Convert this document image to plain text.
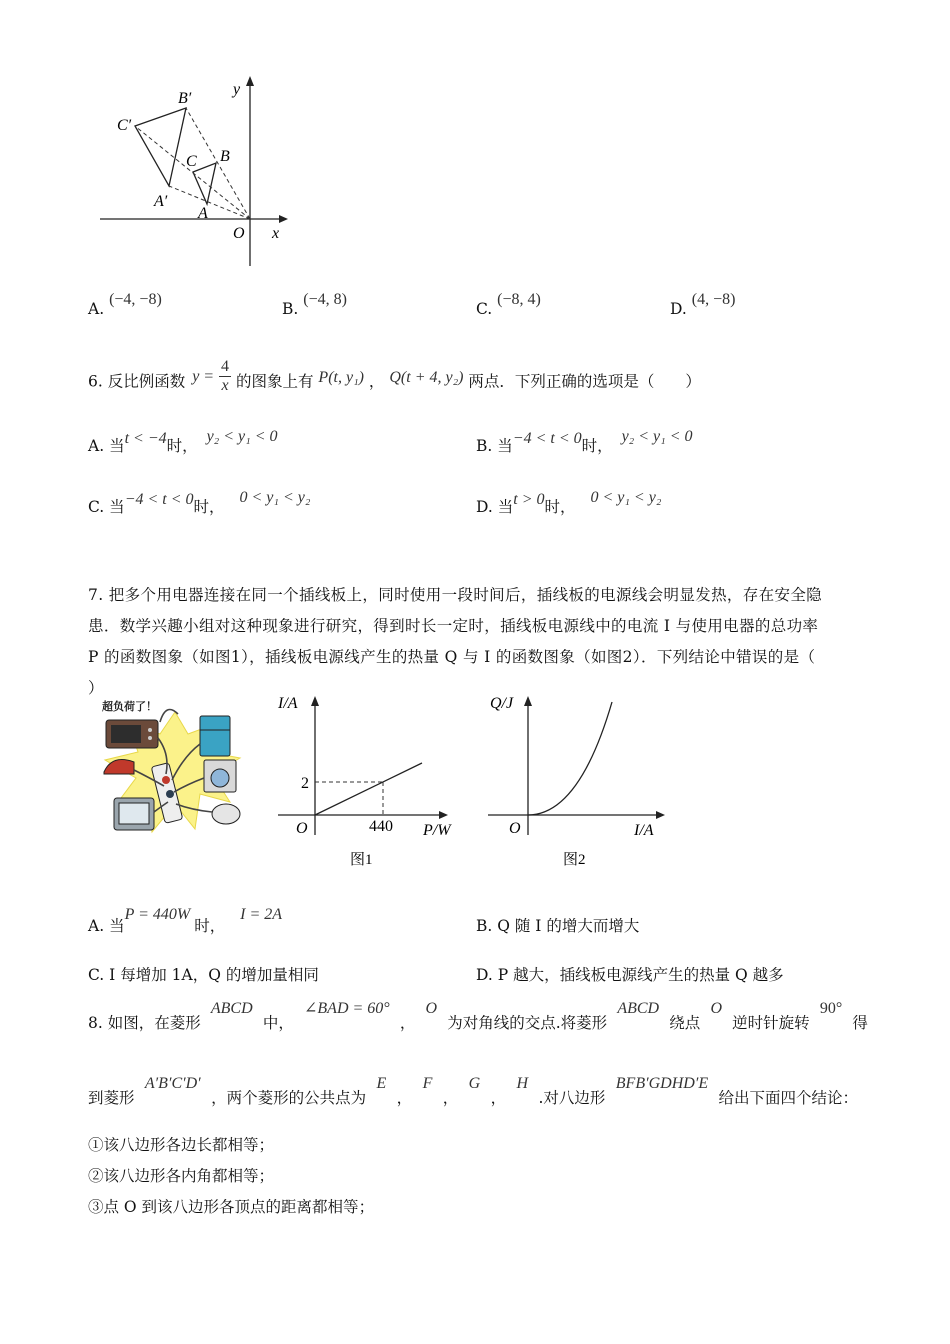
y
x
O
B′
C′
A′
C B
A
A. (−4, −8)
B. (−4, 8)
C. (−8, 4)
D. (4, −8)
6. 反比例函数 $y = \frac{4}{x}$ 的图象上有 P(t, y₁) ， Q(t + 4, y₂) 两点．下列正确的选项是（　　）
A. 当t < −4时， y₂ < y₁ < 0
B. 当−4 < t < 0时， y₂ < y₁ < 0
C. 当−4 < t < 0时， 0 < y₁ < y₂
D. 当t > 0时， 0 < y₁ < y₂
7. 把多个用电器连接在同一个插线板上，同时使用一段时间后，插线板的电源线会明显发热，存在安全隐
患．数学兴趣小组对这种现象进行研究，得到时长一定时，插线板电源线中的电流 I 与使用电器的总功率
P 的函数图象（如图1），插线板电源线产生的热量 Q 与 I 的函数图象（如图2）．下列结论中错误的是（
）
超负荷了！	I/A
2
O	440 P/W
图1
Q/J
O	I/A
图2
A. 当P = 440W时， I = 2A
B. Q 随 I 的增大而增大
C. I 每增加 1A，Q 的增加量相同	D. P 越大，插线板电源线产生的热量 Q 越多
8. 如图，在菱形
ABCD
中，
∠BAD = 60°
，
O
为对角线的交点.将菱形
ABCD
绕点
O
逆时针旋转
90°
得
到菱形
A′B′C′D′
，两个菱形的公共点为
E
，
F
，
G
，
H
.对八边形
BFB′GDHD′E
给出下面四个结论：
①该八边形各边长都相等；
②该八边形各内角都相等；
③点 O 到该八边形各顶点的距离都相等；
